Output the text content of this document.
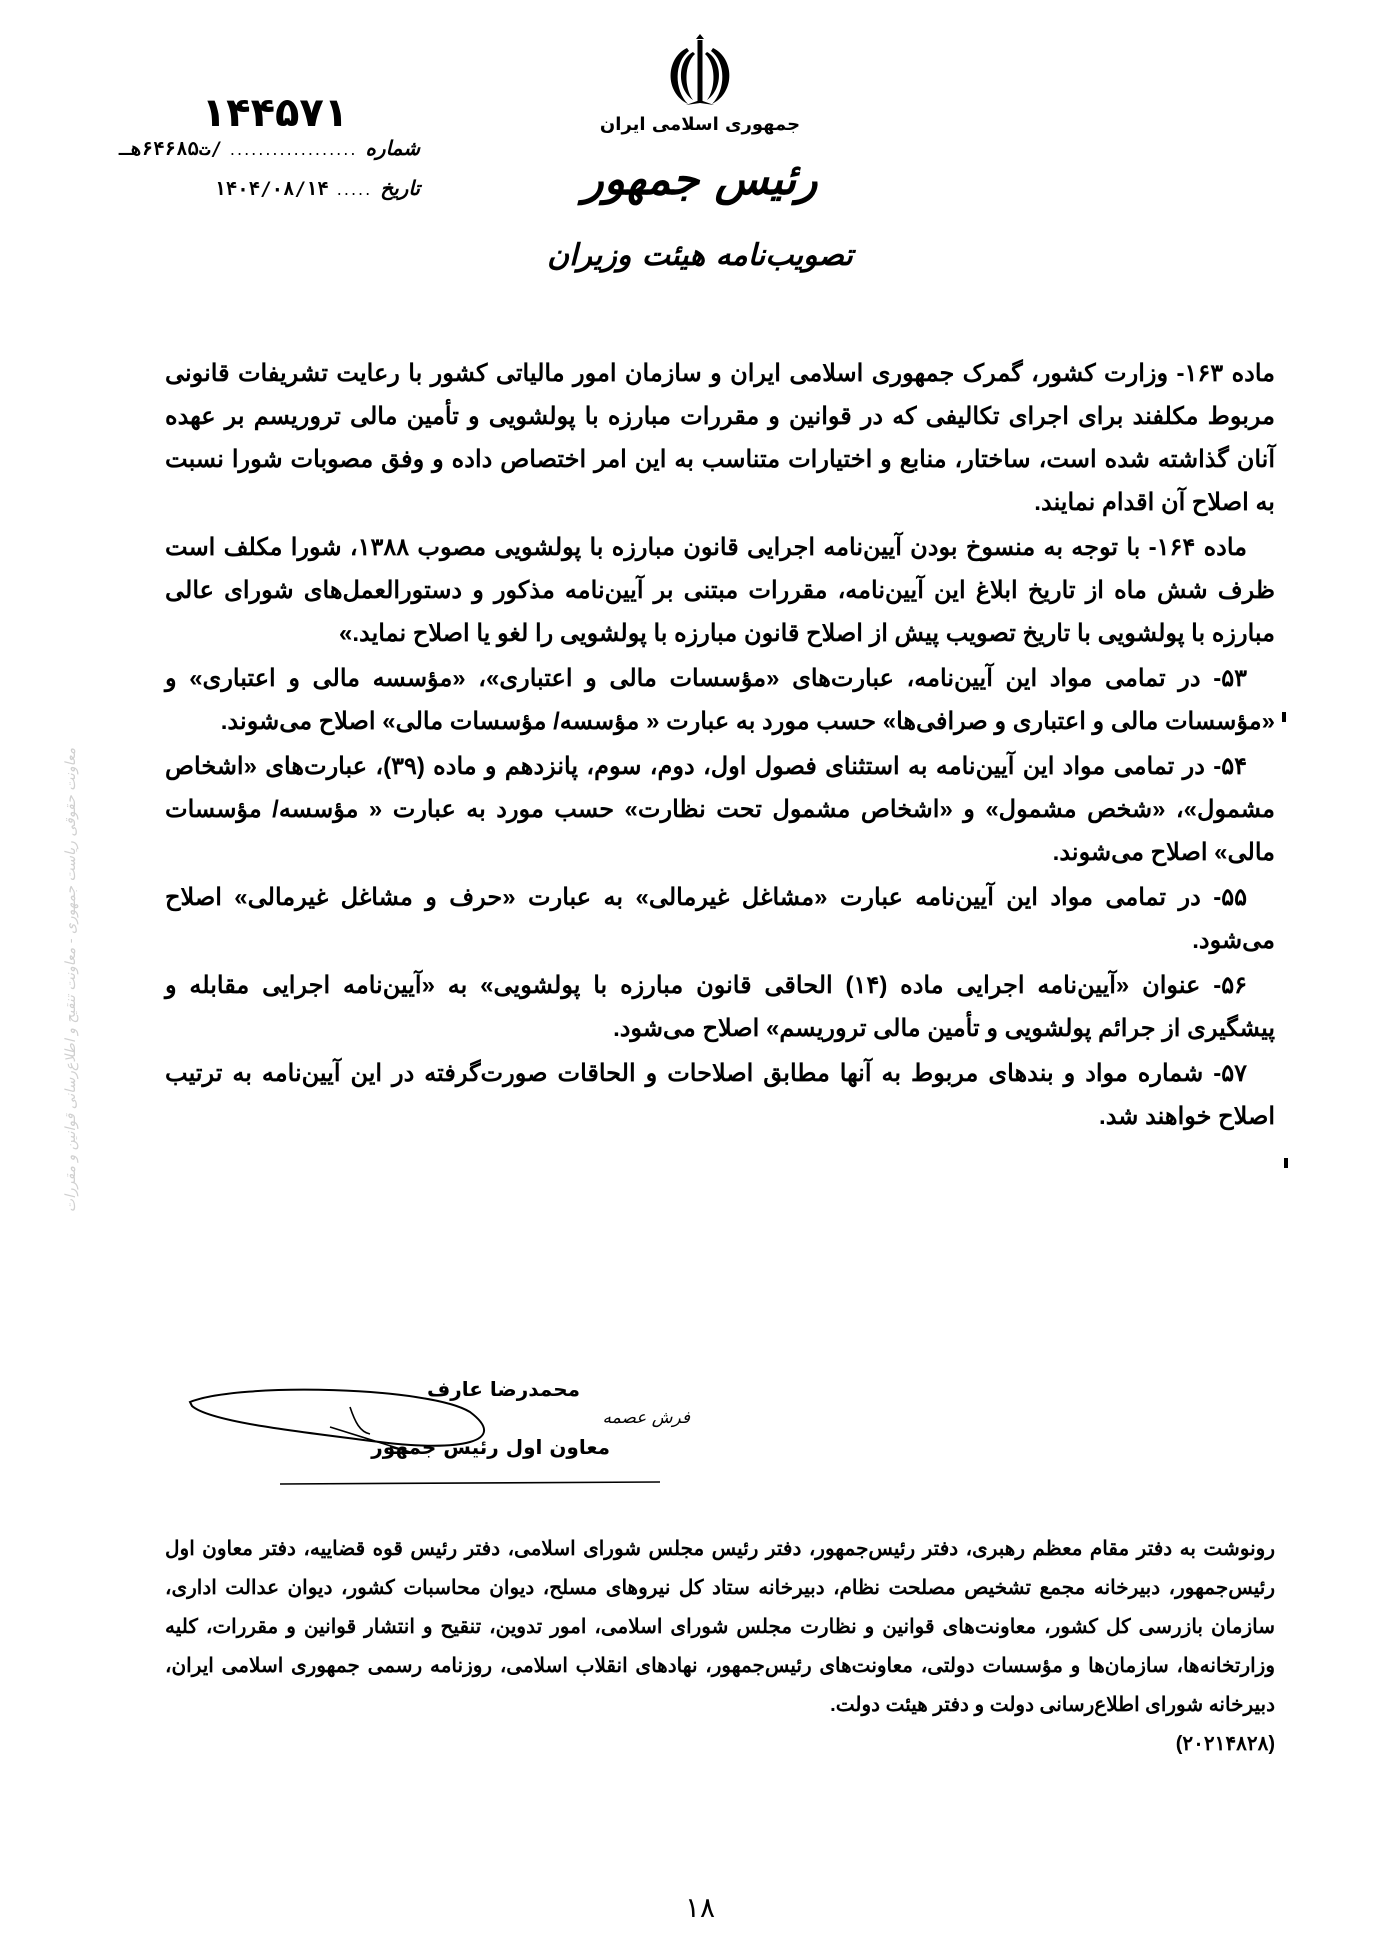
جمهوری اسلامی ایران
رئیس جمهور
تصویب‌نامه هیئت وزیران
۱۴۴۵۷۱
شماره
..................
/ت۶۴۶۸۵هـ
تاریخ
.....
۱۴۰۴/۰۸/۱۴
معاونت حقوقی ریاست جمهوری - معاونت تنقیح و اطلاع‌رسانی قوانین و مقررات

ماده ۱۶۳- وزارت کشور، گمرک جمهوری اسلامی ایران و سازمان امور مالیاتی کشور با رعایت تشریفات قانونی مربوط مکلفند برای اجرای تکالیفی که در قوانین و مقررات مبارزه با پولشویی و تأمین مالی تروریسم بر عهده آنان گذاشته شده است، ساختار، منابع و اختیارات متناسب به این امر اختصاص داده و وفق مصوبات شورا نسبت به اصلاح آن اقدام نمایند.

ماده ۱۶۴- با توجه به منسوخ بودن آیین‌نامه اجرایی قانون مبارزه با پولشویی مصوب ۱۳۸۸، شورا مکلف است ظرف شش ماه از تاریخ ابلاغ این آیین‌نامه، مقررات مبتنی بر آیین‌نامه مذکور و دستورالعمل‌های شورای عالی مبارزه با پولشویی با تاریخ تصویب پیش از اصلاح قانون مبارزه با پولشویی را لغو یا اصلاح نماید.»

۵۳- در تمامی مواد این آیین‌نامه، عبارت‌های «مؤسسات مالی و اعتباری»، «مؤسسه مالی و اعتباری» و «مؤسسات مالی و اعتباری و صرافی‌ها» حسب مورد به عبارت « مؤسسه/ مؤسسات مالی» اصلاح می‌شوند.

۵۴- در تمامی مواد این آیین‌نامه به استثنای فصول اول، دوم، سوم، پانزدهم و ماده (۳۹)، عبارت‌های «اشخاص مشمول»، «شخص مشمول» و «اشخاص مشمول تحت نظارت» حسب مورد به عبارت « مؤسسه/ مؤسسات مالی» اصلاح می‌شوند.

۵۵- در تمامی مواد این آیین‌نامه عبارت «مشاغل غیرمالی» به عبارت «حرف و مشاغل غیرمالی» اصلاح می‌شود.

۵۶- عنوان «آیین‌نامه اجرایی ماده (۱۴) الحاقی قانون مبارزه با پولشویی» به «آیین‌نامه اجرایی مقابله و پیشگیری از جرائم پولشویی و تأمین مالی تروریسم» اصلاح می‌شود.

۵۷- شماره مواد و بندهای مربوط به آنها مطابق اصلاحات و الحاقات صورت‌گرفته در این آیین‌نامه به ترتیب اصلاح خواهند شد.

محمدرضا عارف
فرش عصمه
معاون اول رئیس جمهور

رونوشت به دفتر مقام معظم رهبری، دفتر رئیس‌جمهور، دفتر رئیس مجلس شورای اسلامی، دفتر رئیس قوه قضاییه، دفتر معاون اول رئیس‌جمهور، دبیرخانه مجمع تشخیص مصلحت نظام، دبیرخانه ستاد کل نیروهای مسلح، دیوان محاسبات کشور، دیوان عدالت اداری، سازمان بازرسی کل کشور، معاونت‌های قوانین و نظارت مجلس شورای اسلامی، امور تدوین، تنقیح و انتشار قوانین و مقررات، کلیه وزارتخانه‌ها، سازمان‌ها و مؤسسات دولتی، معاونت‌های رئیس‌جمهور، نهادهای انقلاب اسلامی، روزنامه رسمی جمهوری اسلامی ایران، دبیرخانه شورای اطلاع‌رسانی دولت و دفتر هیئت دولت.

(۲۰۲۱۴۸۲۸)

۱۸
